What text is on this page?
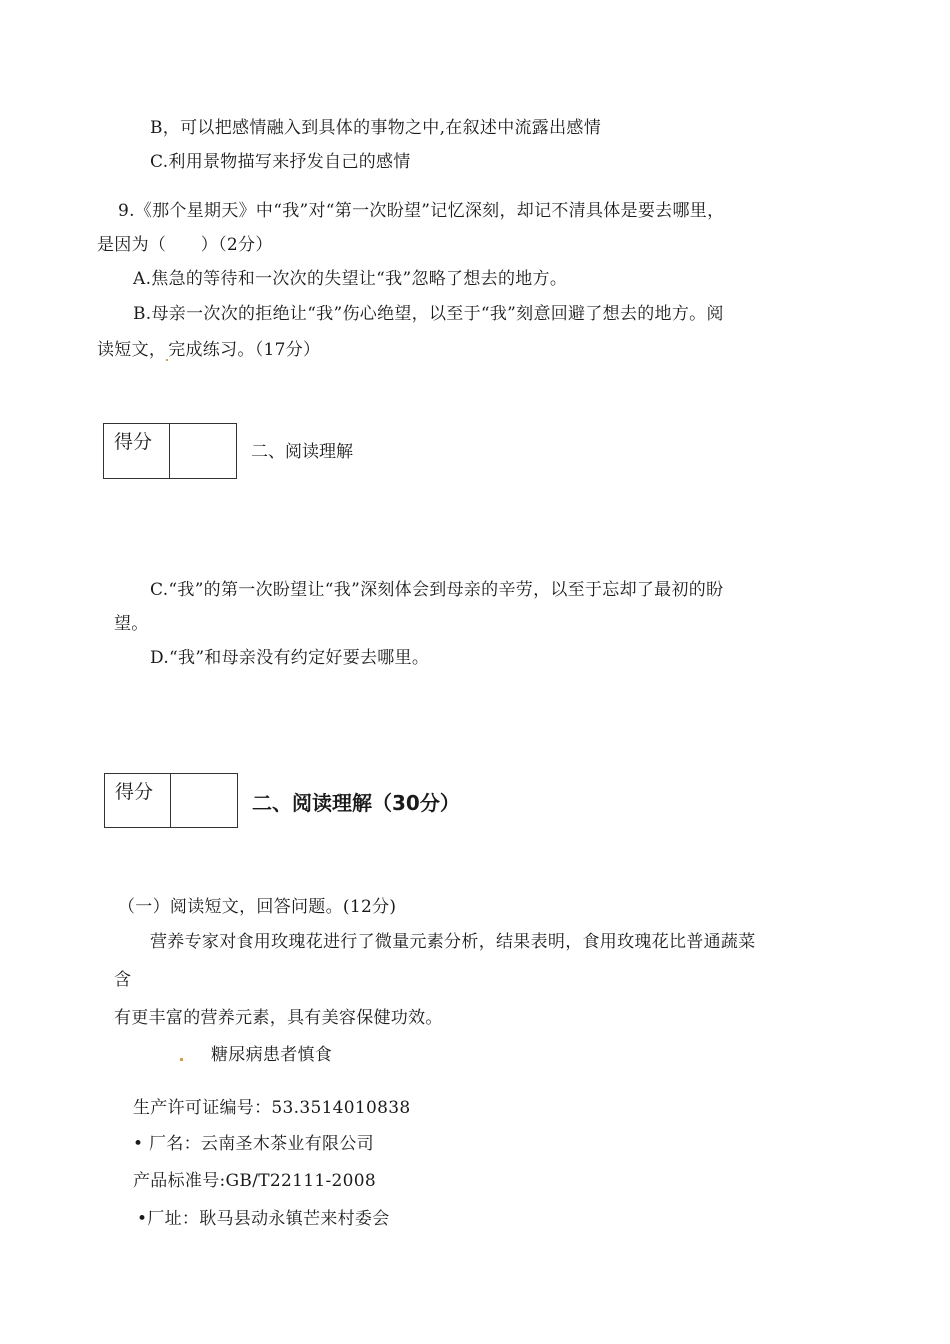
B，可以把感情融入到具体的事物之中,在叙述中流露出感情
C.利用景物描写来抒发自己的感情
9.《那个星期天》中“我”对“第一次盼望”记忆深刻，却记不清具体是要去哪里，
是因为（　　）（2分）
A.焦急的等待和一次次的失望让“我”忽略了想去的地方。
B.母亲一次次的拒绝让“我”伤心绝望，以至于“我”刻意回避了想去的地方。阅
读短文， 完成练习。（17分）
得分	二、阅读理解
C.“我”的第一次盼望让“我”深刻体会到母亲的辛劳，以至于忘却了最初的盼
望。
D.“我”和母亲没有约定好要去哪里。
得分	二、阅读理解（30分）
（一）阅读短文，回答问题。(12分)
营养专家对食用玫瑰花进行了微量元素分析，结果表明，食用玫瑰花比普通蔬菜
含
有更丰富的营养元素，具有美容保健功效。
糖尿病患者慎食
生产许可证编号：53.3514010838
• 厂名：云南圣木茶业有限公司
产品标准号:GB/T22111-2008
•厂址：耿马县动永镇芒来村委会
